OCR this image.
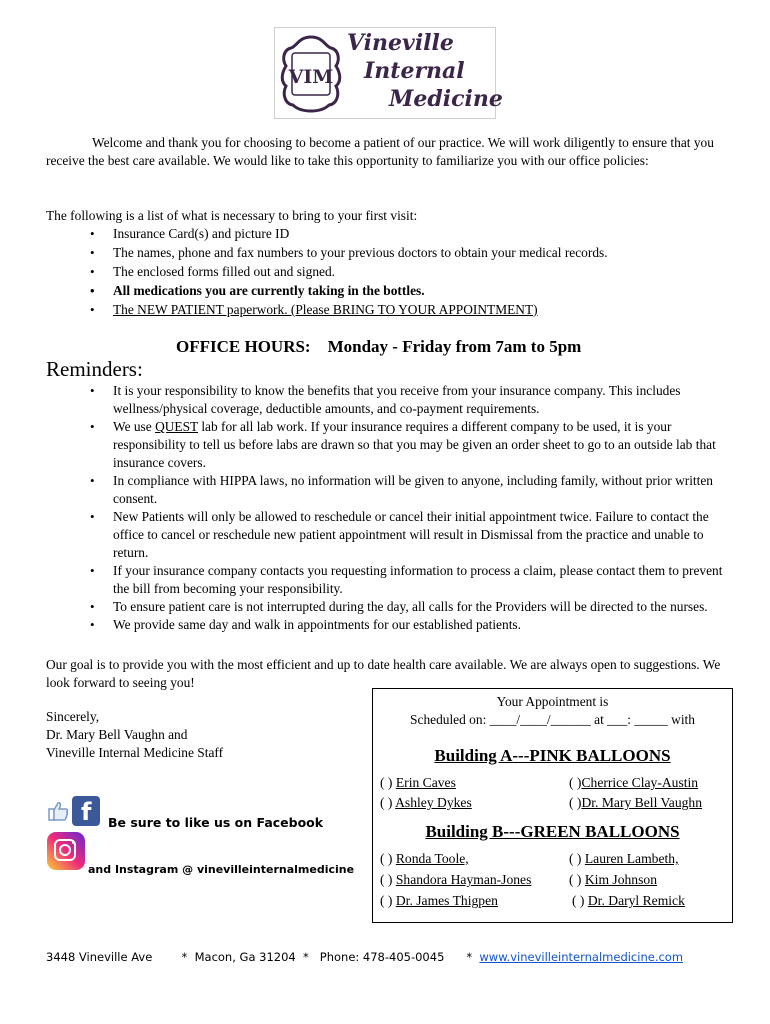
VIM
Vineville
Internal
Medicine

Welcome and thank you for choosing to become a patient of our practice. We will work diligently to ensure that you receive the best care available. We would like to take this opportunity to familiarize you with our office policies:

The following is a list of what is necessary to bring to your first visit:

• Insurance Card(s) and picture ID
• The names, phone and fax numbers to your previous doctors to obtain your medical records.
• The enclosed forms filled out and signed.
• All medications you are currently taking in the bottles.
• The NEW PATIENT paperwork. (Please BRING TO YOUR APPOINTMENT)
OFFICE HOURS: Monday - Friday from 7am to 5pm
Reminders:
• It is your responsibility to know the benefits that you receive from your insurance company. This includes wellness/physical coverage, deductible amounts, and co-payment requirements.
• We use QUEST lab for all lab work. If your insurance requires a different company to be used, it is your responsibility to tell us before labs are drawn so that you may be given an order sheet to go to an outside lab that insurance covers.
• In compliance with HIPPA laws, no information will be given to anyone, including family, without prior written consent.
• New Patients will only be allowed to reschedule or cancel their initial appointment twice. Failure to contact the office to cancel or reschedule new patient appointment will result in Dismissal from the practice and unable to return.
• If your insurance company contacts you requesting information to process a claim, please contact them to prevent the bill from becoming your responsibility.
• To ensure patient care is not interrupted during the day, all calls for the Providers will be directed to the nurses.
• We provide same day and walk in appointments for our established patients.

Our goal is to provide you with the most efficient and up to date health care available. We are always open to suggestions. We look forward to seeing you!

Sincerely,
Dr. Mary Bell Vaughn and
Vineville Internal Medicine Staff
f Be sure to like us on Facebook
and Instagram @ vinevilleinternalmedicine
Your Appointment is
Scheduled on: ____/____/______ at ___: _____ with
Building A---PINK BALLOONS
( ) Erin Caves
( ) Ashley Dykes
( )Cherrice Clay-Austin
( )Dr. Mary Bell Vaughn
Building B---GREEN BALLOONS
( ) Ronda Toole,
( ) Shandora Hayman-Jones
( ) Dr. James Thigpen
( ) Lauren Lambeth,
( ) Kim Johnson
( ) Dr. Daryl Remick
3448 Vineville Ave	* Macon, Ga 31204 * Phone: 478-405-0045 * www.vinevilleinternalmedicine.com
